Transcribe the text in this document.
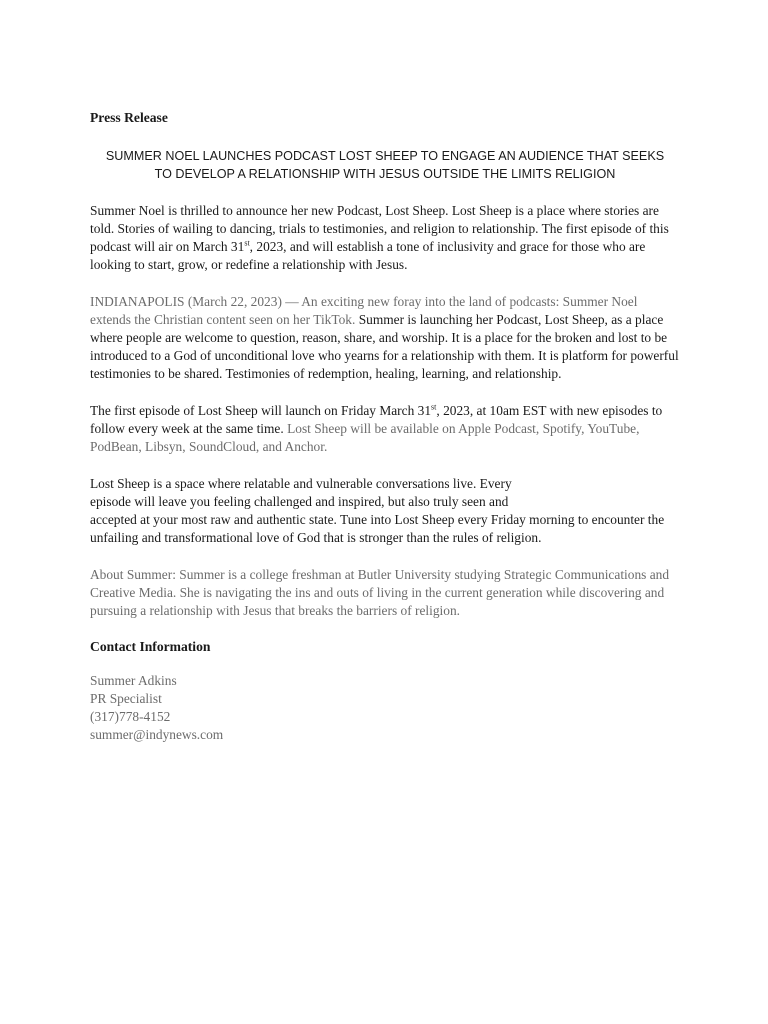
Press Release

SUMMER NOEL LAUNCHES PODCAST LOST SHEEP TO ENGAGE AN AUDIENCE THAT SEEKS TO DEVELOP A RELATIONSHIP WITH JESUS OUTSIDE THE LIMITS RELIGION

Summer Noel is thrilled to announce her new Podcast, Lost Sheep. Lost Sheep is a place where stories are told. Stories of wailing to dancing, trials to testimonies, and religion to relationship. The first episode of this podcast will air on March 31st, 2023, and will establish a tone of inclusivity and grace for those who are looking to start, grow, or redefine a relationship with Jesus.

INDIANAPOLIS (March 22, 2023) — An exciting new foray into the land of podcasts: Summer Noel extends the Christian content seen on her TikTok. Summer is launching her Podcast, Lost Sheep, as a place where people are welcome to question, reason, share, and worship. It is a place for the broken and lost to be introduced to a God of unconditional love who yearns for a relationship with them. It is platform for powerful testimonies to be shared. Testimonies of redemption, healing, learning, and relationship.

The first episode of Lost Sheep will launch on Friday March 31st, 2023, at 10am EST with new episodes to follow every week at the same time. Lost Sheep will be available on Apple Podcast, Spotify, YouTube, PodBean, Libsyn, SoundCloud, and Anchor.

Lost Sheep is a space where relatable and vulnerable conversations live. Every
episode will leave you feeling challenged and inspired, but also truly seen and
accepted at your most raw and authentic state. Tune into Lost Sheep every Friday morning to encounter the unfailing and transformational love of God that is stronger than the rules of religion.

About Summer: Summer is a college freshman at Butler University studying Strategic Communications and Creative Media. She is navigating the ins and outs of living in the current generation while discovering and pursuing a relationship with Jesus that breaks the barriers of religion.

Contact Information

Summer Adkins

PR Specialist

(317)778-4152

summer@indynews.com
